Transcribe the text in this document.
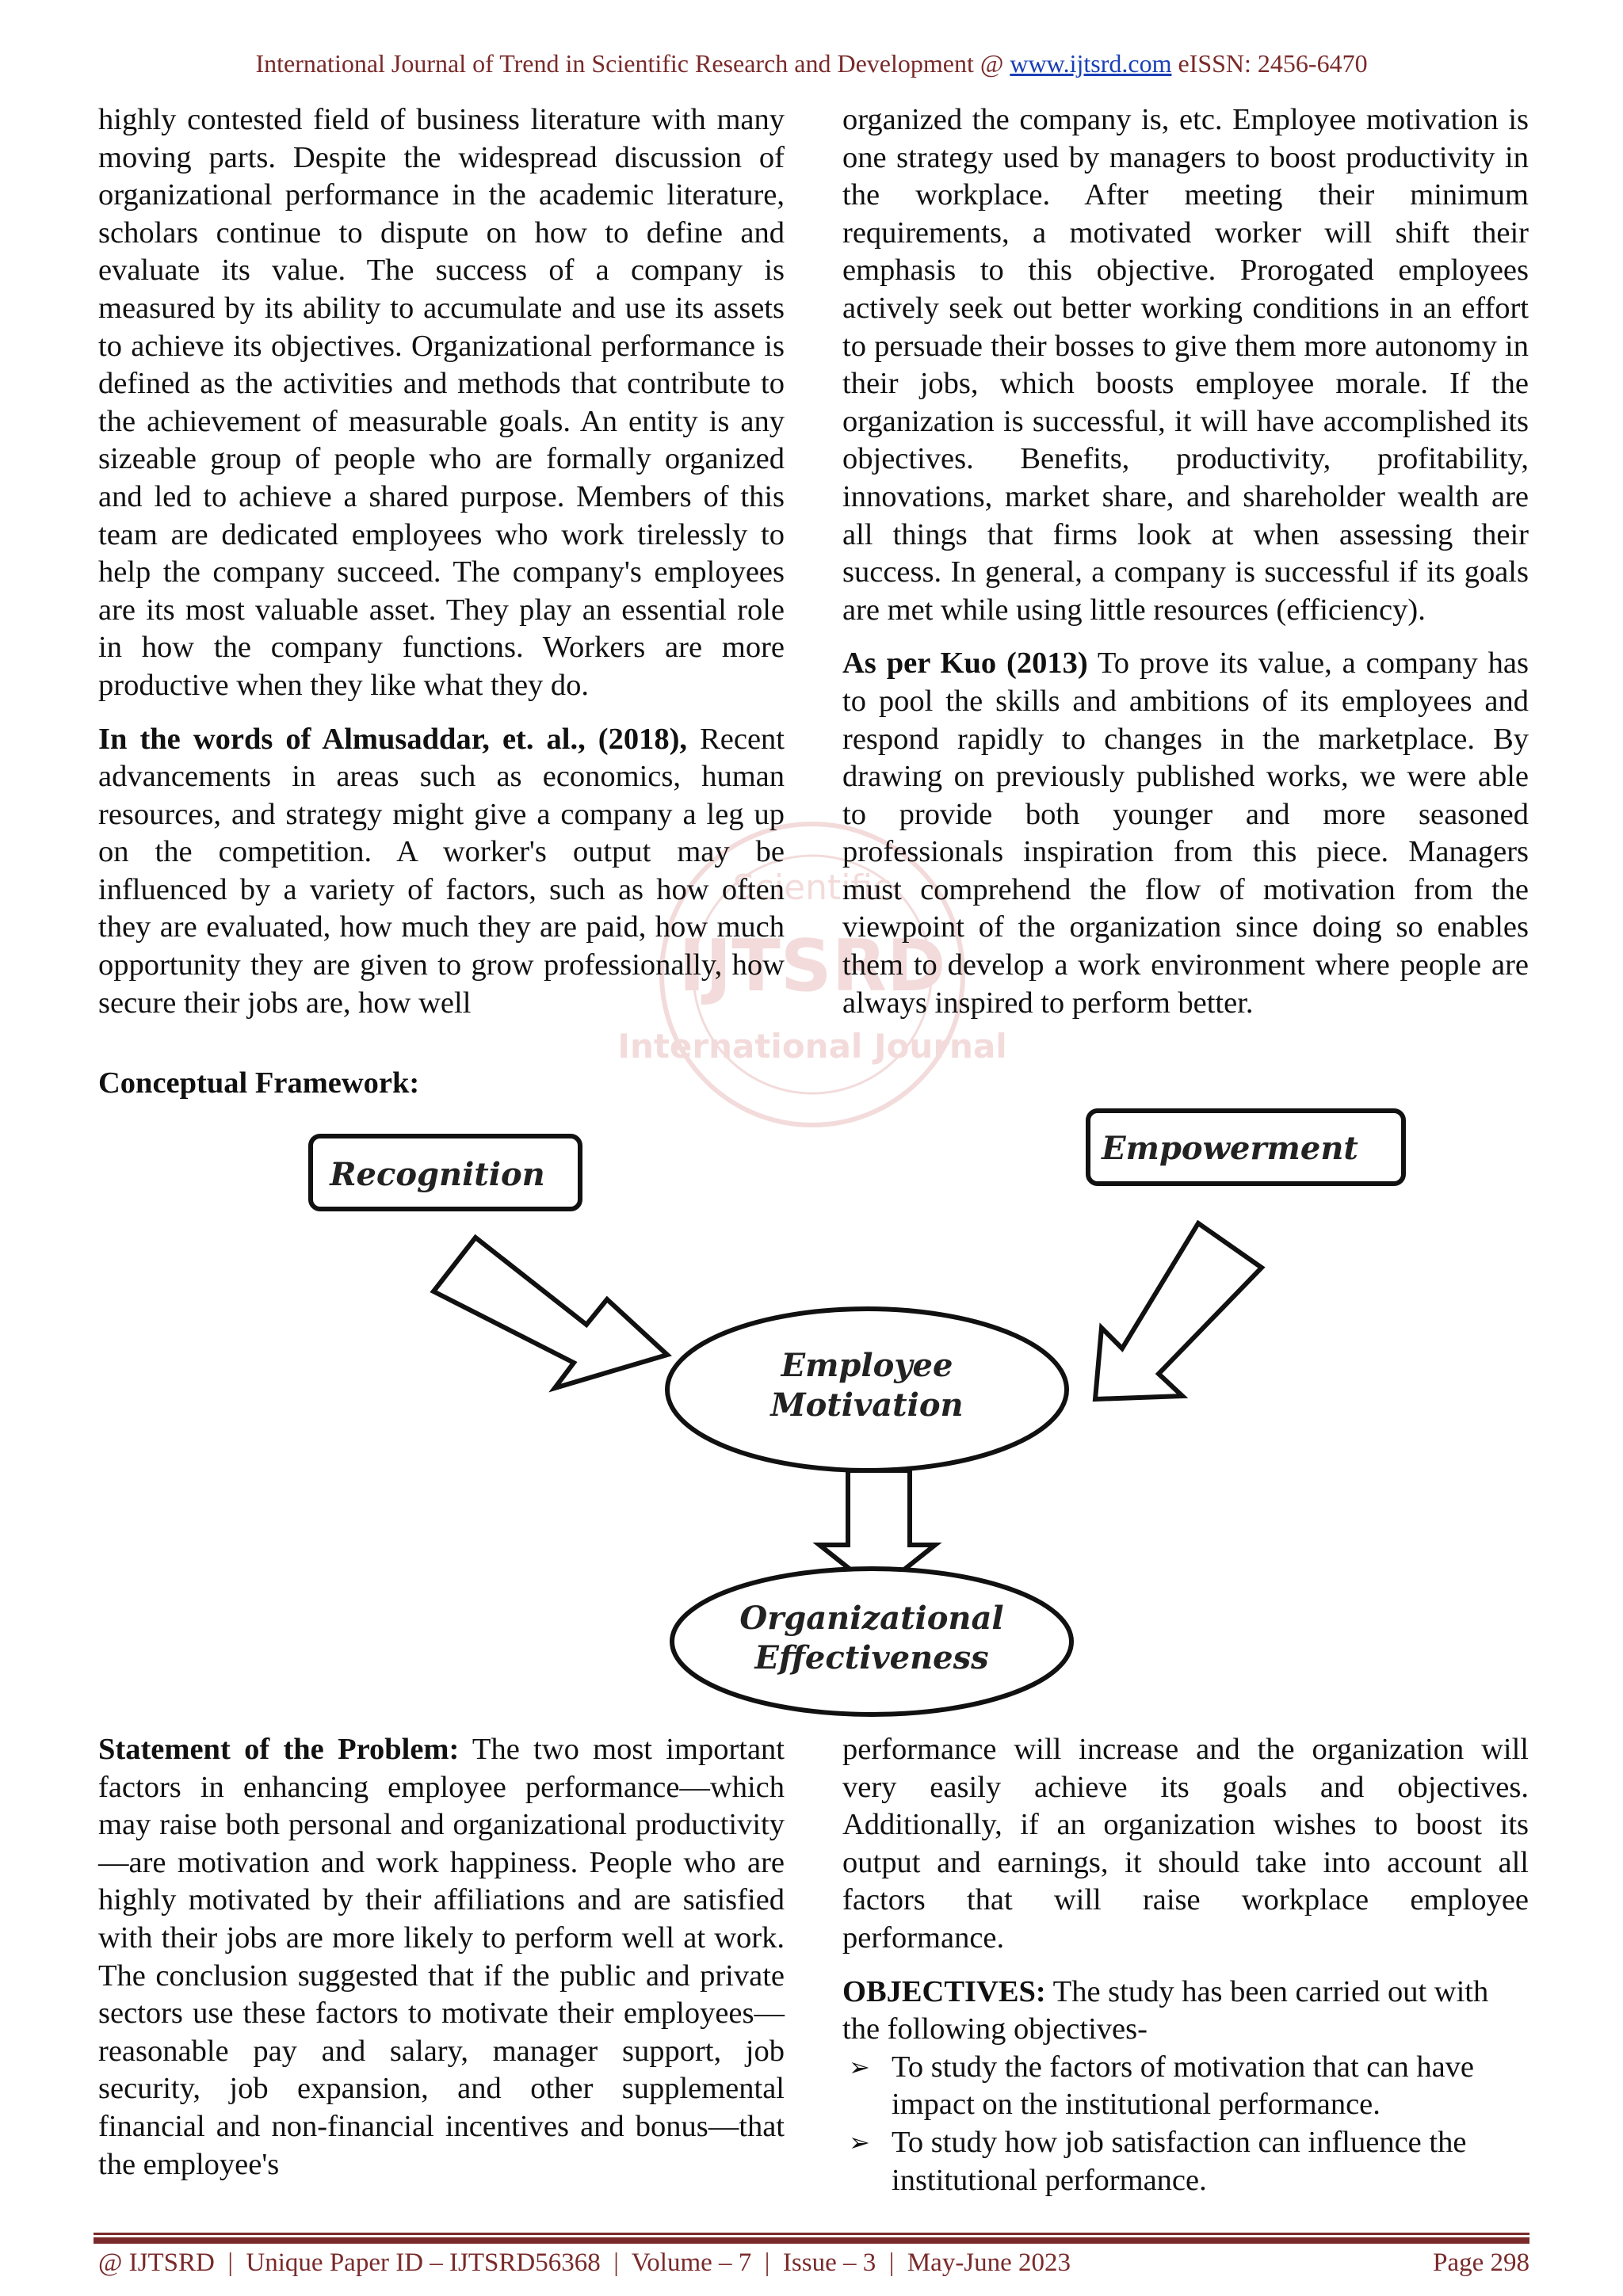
International Journal of Trend in Scientific Research and Development @ www.ijtsrd.com eISSN: 2456-6470
Scientific
IJTSRD
International Journal

highly contested field of business literature with many moving parts. Despite the widespread discussion of organizational performance in the academic literature, scholars continue to dispute on how to define and evaluate its value. The success of a company is measured by its ability to accumulate and use its assets to achieve its objectives. Organizational performance is defined as the activities and methods that contribute to the achievement of measurable goals. An entity is any sizeable group of people who are formally organized and led to achieve a shared purpose. Members of this team are dedicated employees who work tirelessly to help the company succeed. The company's employees are its most valuable asset. They play an essential role in how the company functions. Workers are more productive when they like what they do.

In the words of Almusaddar, et. al., (2018), Recent advancements in areas such as economics, human resources, and strategy might give a company a leg up on the competition. A worker's output may be influenced by a variety of factors, such as how often they are evaluated, how much they are paid, how much opportunity they are given to grow professionally, how secure their jobs are, how well

organized the company is, etc. Employee motivation is one strategy used by managers to boost productivity in the workplace. After meeting their minimum requirements, a motivated worker will shift their emphasis to this objective. Prorogated employees actively seek out better working conditions in an effort to persuade their bosses to give them more autonomy in their jobs, which boosts employee morale. If the organization is successful, it will have accomplished its objectives. Benefits, productivity, profitability, innovations, market share, and shareholder wealth are all things that firms look at when assessing their success. In general, a company is successful if its goals are met while using little resources (efficiency).

As per Kuo (2013) To prove its value, a company has to pool the skills and ambitions of its employees and respond rapidly to changes in the marketplace. By drawing on previously published works, we were able to provide both younger and more seasoned professionals inspiration from this piece. Managers must comprehend the flow of motivation from the viewpoint of the organization since doing so enables them to develop a work environment where people are always inspired to perform better.

Conceptual Framework:
Recognition
Empowerment
Employee
Motivation
Organizational
Effectiveness

Statement of the Problem: The two most important factors in enhancing employee performance—which may raise both personal and organizational productivity—are motivation and work happiness. People who are highly motivated by their affiliations and are satisfied with their jobs are more likely to perform well at work. The conclusion suggested that if the public and private sectors use these factors to motivate their employees—reasonable pay and salary, manager support, job security, job expansion, and other supplemental financial and non-financial incentives and bonus—that the employee's

performance will increase and the organization will very easily achieve its goals and objectives. Additionally, if an organization wishes to boost its output and earnings, it should take into account all factors that will raise workplace employee performance.

OBJECTIVES: The study has been carried out with the following objectives-

➢ To study the factors of motivation that can have impact on the institutional performance.
➢ To study how job satisfaction can influence the institutional performance.
@ IJTSRD  |  Unique Paper ID – IJTSRD56368  |  Volume – 7  |  Issue – 3  |  May-June 2023	Page 298
